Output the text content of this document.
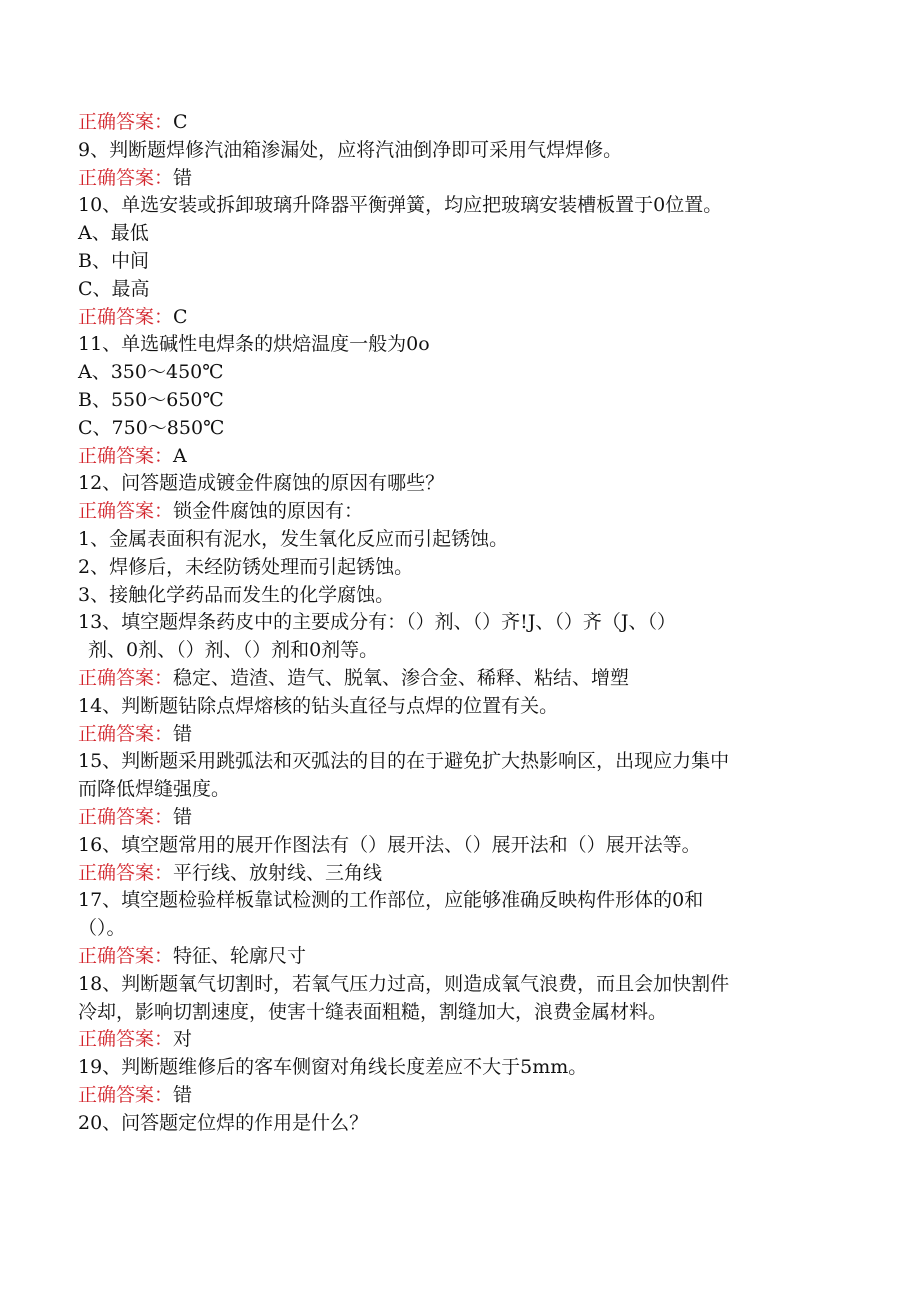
正确答案：C
9、判断题焊修汽油箱渗漏处，应将汽油倒净即可采用气焊焊修。
正确答案：错
10、单选安装或拆卸玻璃升降器平衡弹簧，均应把玻璃安装槽板置于0位置。
A、最低
B、中间
C、最高
正确答案：C
11、单选碱性电焊条的烘焙温度一般为0o
A、350～450℃
B、550～650℃
C、750～850℃
正确答案：A
12、问答题造成镀金件腐蚀的原因有哪些？
正确答案：锁金件腐蚀的原因有：
1、金属表面积有泥水，发生氧化反应而引起锈蚀。
2、焊修后，未经防锈处理而引起锈蚀。
3、接触化学药品而发生的化学腐蚀。
13、填空题焊条药皮中的主要成分有：（）剂、（）齐!J、（）齐（J、（）
剂、0剂、（）剂、（）剂和0剂等。
正确答案：稳定、造渣、造气、脱氧、渗合金、稀释、粘结、增塑
14、判断题钻除点焊熔核的钻头直径与点焊的位置有关。
正确答案：错
15、判断题采用跳弧法和灭弧法的目的在于避免扩大热影响区，出现应力集中
而降低焊缝强度。
正确答案：错
16、填空题常用的展开作图法有（）展开法、（）展开法和（）展开法等。
正确答案：平行线、放射线、三角线
17、填空题检验样板靠试检测的工作部位，应能够准确反映构件形体的0和
（）。
正确答案：特征、轮廓尺寸
18、判断题氧气切割时，若氧气压力过高，则造成氧气浪费，而且会加快割件
冷却，影响切割速度，使害十缝表面粗糙，割缝加大，浪费金属材料。
正确答案：对
19、判断题维修后的客车侧窗对角线长度差应不大于5mm。
正确答案：错
20、问答题定位焊的作用是什么？
